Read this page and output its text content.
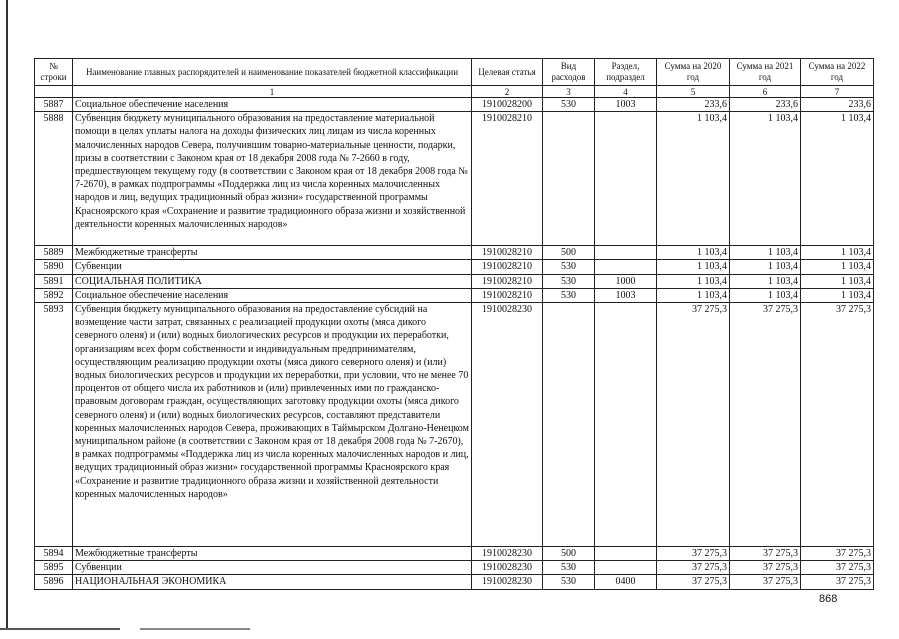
№ строки	Наименование главных распорядителей и наименование показателей бюджетной классификации	Целевая статья	Вид расходов	Раздел, подраздел	Сумма на 2020 год	Сумма на 2021 год	Сумма на 2022 год
	1	2	3	4	5	6	7
5887	Социальное обеспечение населения	1910028200	530	1003	233,6	233,6	233,6
5888	Субвенция бюджету муниципального образования на предоставление материальной помощи в целях уплаты налога на доходы физических лиц лицам из числа коренных малочисленных народов Севера, получившим товарно-материальные ценности, подарки, призы в соответствии с Законом края от 18 декабря 2008 года № 7-2660 в году, предшествующем текущему году (в соответствии с Законом края от 18 декабря 2008 года № 7-2670), в рамках подпрограммы «Поддержка лиц из числа коренных малочисленных народов и лиц, ведущих традиционный образ жизни» государственной программы Красноярского края «Сохранение и развитие традиционного образа жизни и хозяйственной деятельности коренных малочисленных народов»	1910028210			1 103,4	1 103,4	1 103,4
5889	Межбюджетные трансферты	1910028210	500		1 103,4	1 103,4	1 103,4
5890	Субвенции	1910028210	530		1 103,4	1 103,4	1 103,4
5891	СОЦИАЛЬНАЯ ПОЛИТИКА	1910028210	530	1000	1 103,4	1 103,4	1 103,4
5892	Социальное обеспечение населения	1910028210	530	1003	1 103,4	1 103,4	1 103,4
5893	Субвенция бюджету муниципального образования на предоставление субсидий на возмещение части затрат, связанных с реализацией продукции охоты (мяса дикого северного оленя) и (или) водных биологических ресурсов и продукции их переработки, организациям всех форм собственности и индивидуальным предпринимателям, осуществляющим реализацию продукции охоты (мяса дикого северного оленя) и (или) водных биологических ресурсов и продукции их переработки, при условии, что не менее 70 процентов от общего числа их работников и (или) привлеченных ими по гражданско-правовым договорам граждан, осуществляющих заготовку продукции охоты (мяса дикого северного оленя) и (или) водных биологических ресурсов, составляют представители коренных малочисленных народов Севера, проживающих в Таймырском Долгано-Ненецком муниципальном районе (в соответствии с Законом края от 18 декабря 2008 года № 7-2670), в рамках подпрограммы «Поддержка лиц из числа коренных малочисленных народов и лиц, ведущих традиционный образ жизни» государственной программы Красноярского края «Сохранение и развитие традиционного образа жизни и хозяйственной деятельности коренных малочисленных народов»	1910028230			37 275,3	37 275,3	37 275,3
5894	Межбюджетные трансферты	1910028230	500		37 275,3	37 275,3	37 275,3
5895	Субвенции	1910028230	530		37 275,3	37 275,3	37 275,3
5896	НАЦИОНАЛЬНАЯ ЭКОНОМИКА	1910028230	530	0400	37 275,3	37 275,3	37 275,3
868
